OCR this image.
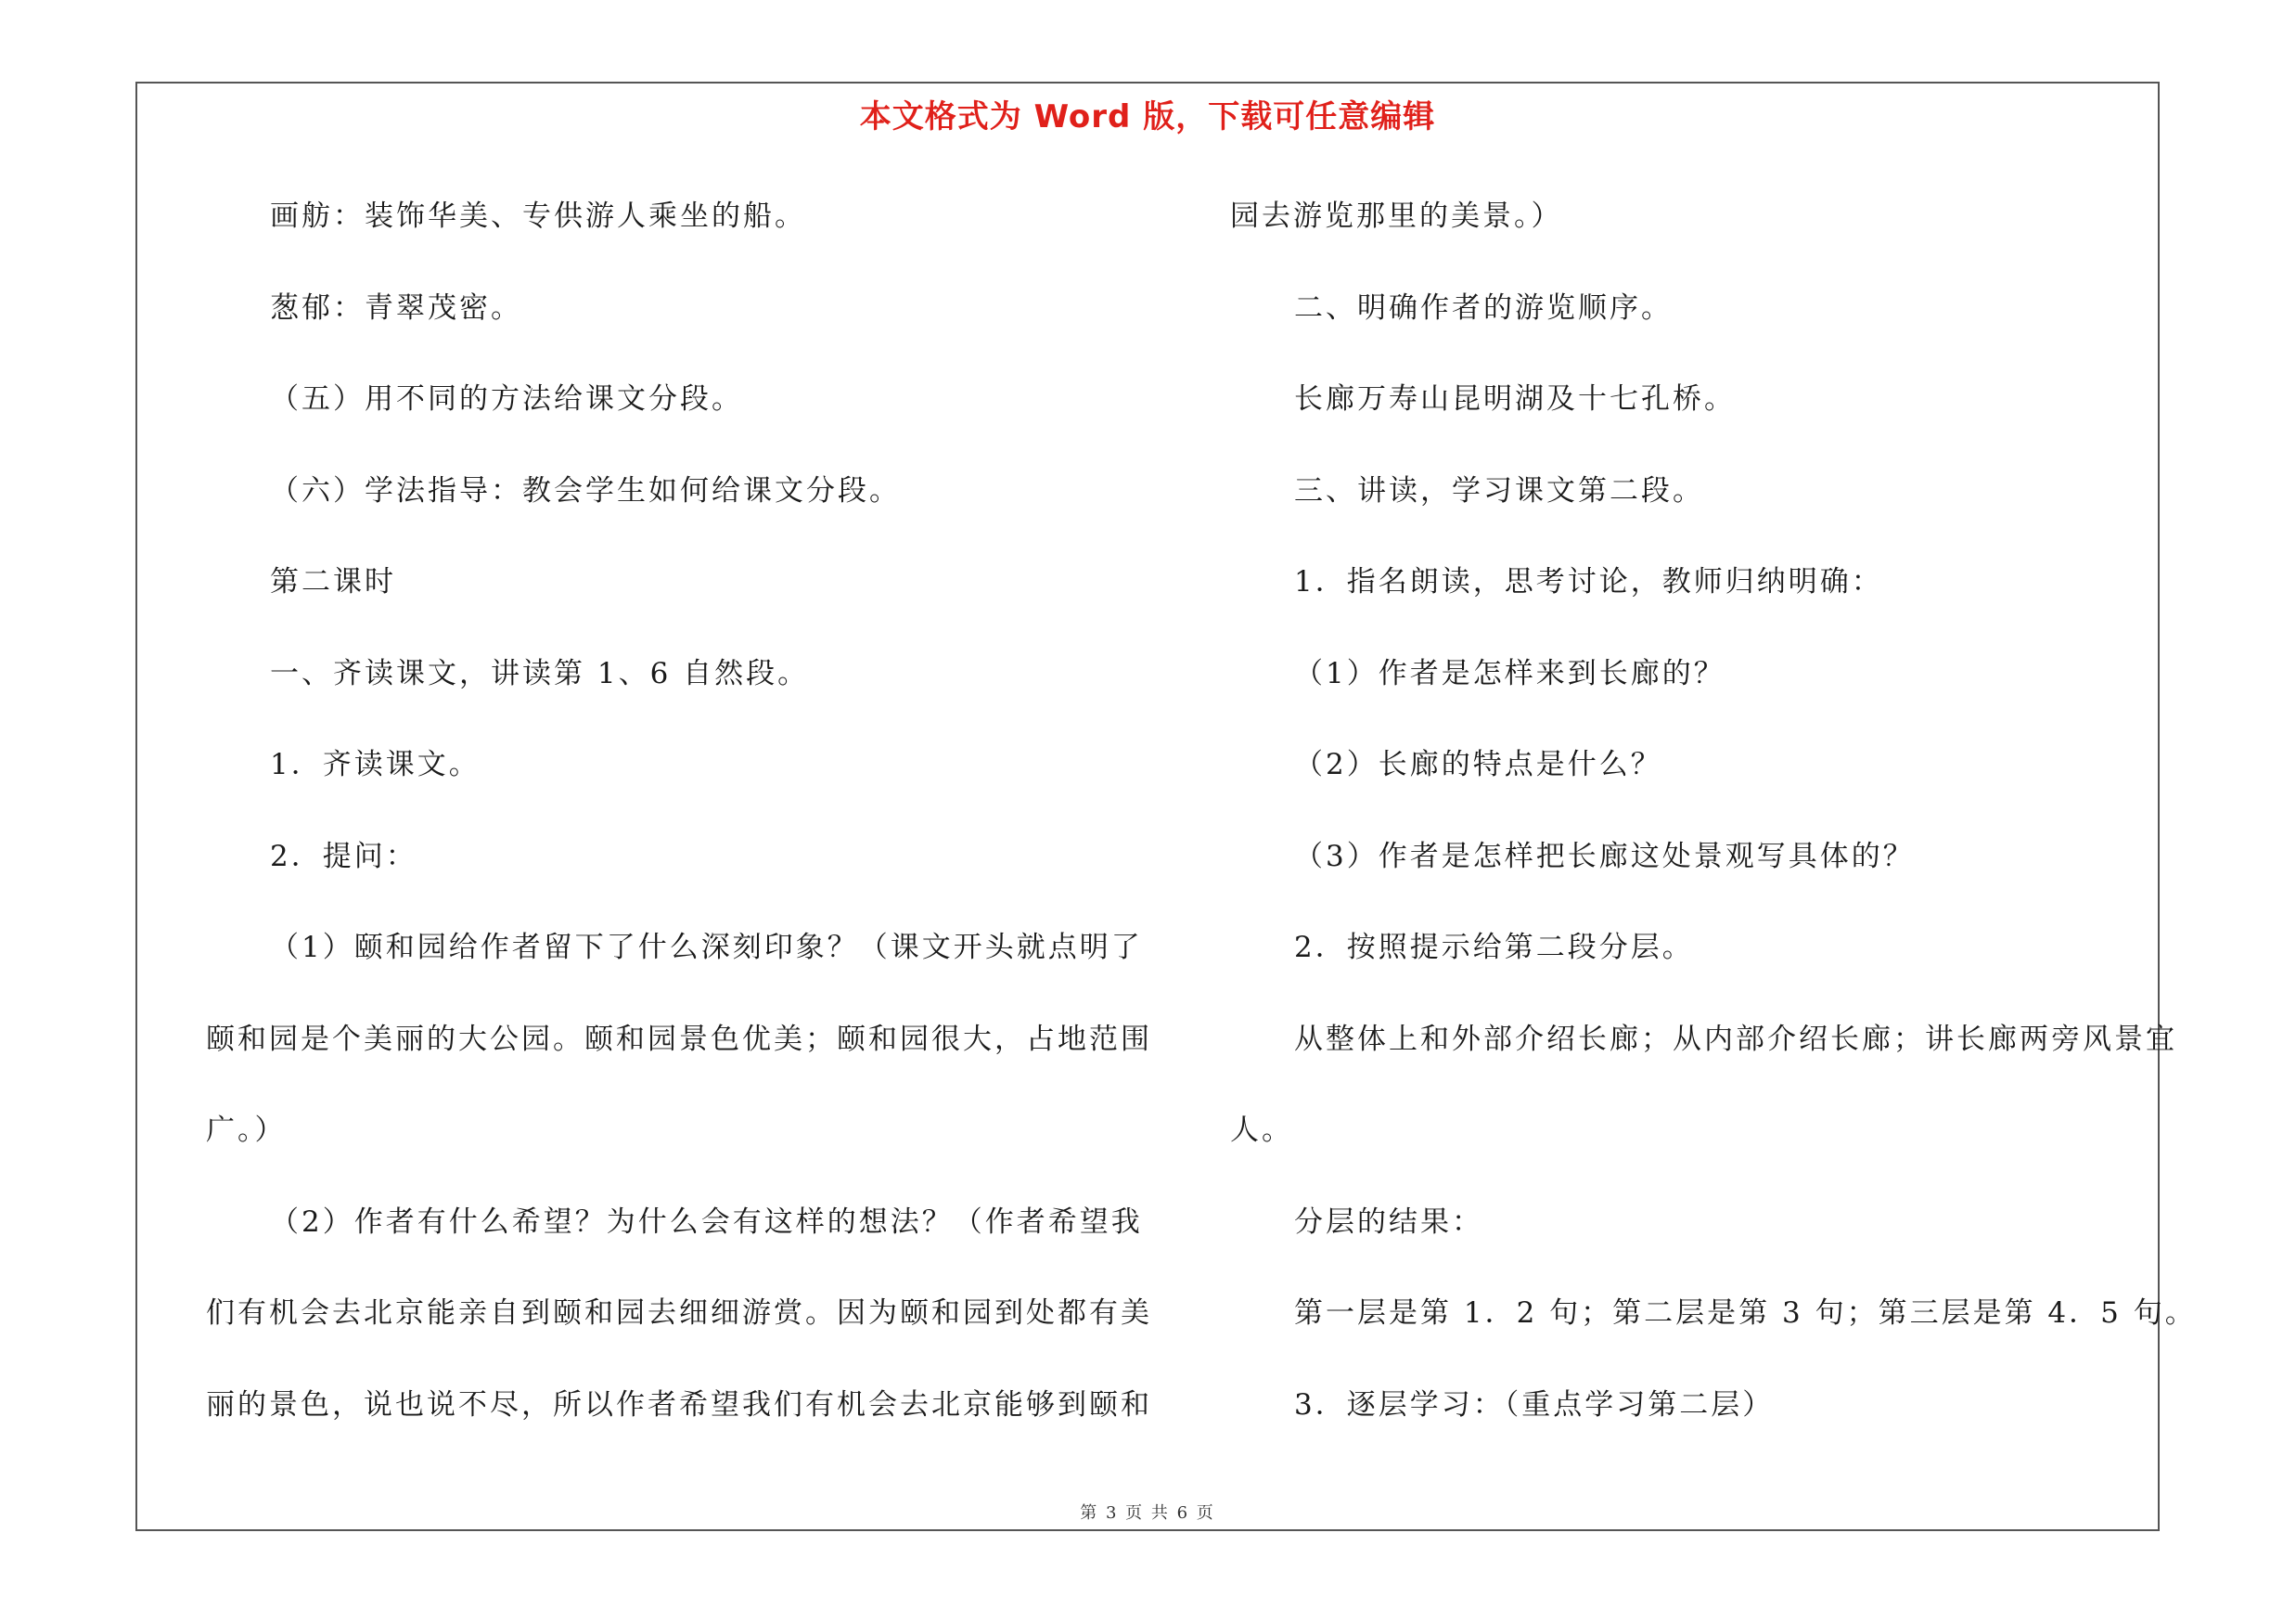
本文格式为 Word 版，下载可任意编辑
画舫：装饰华美、专供游人乘坐的船。
葱郁：青翠茂密。
（五）用不同的方法给课文分段。
（六）学法指导：教会学生如何给课文分段。
第二课时
一、齐读课文，讲读第 1、6 自然段。
1．齐读课文。
2．提问：
（1）颐和园给作者留下了什么深刻印象？（课文开头就点明了
颐和园是个美丽的大公园。颐和园景色优美；颐和园很大，占地范围
广。）
（2）作者有什么希望？为什么会有这样的想法？（作者希望我
们有机会去北京能亲自到颐和园去细细游赏。因为颐和园到处都有美
丽的景色，说也说不尽，所以作者希望我们有机会去北京能够到颐和
园去游览那里的美景。）
二、明确作者的游览顺序。
长廊万寿山昆明湖及十七孔桥。
三、讲读，学习课文第二段。
1．指名朗读，思考讨论，教师归纳明确：
（1）作者是怎样来到长廊的？
（2）长廊的特点是什么？
（3）作者是怎样把长廊这处景观写具体的？
2．按照提示给第二段分层。
从整体上和外部介绍长廊；从内部介绍长廊；讲长廊两旁风景宜
人。
分层的结果：
第一层是第 1．2 句；第二层是第 3 句；第三层是第 4．5 句。
3．逐层学习：（重点学习第二层）
第 3 页 共 6 页
